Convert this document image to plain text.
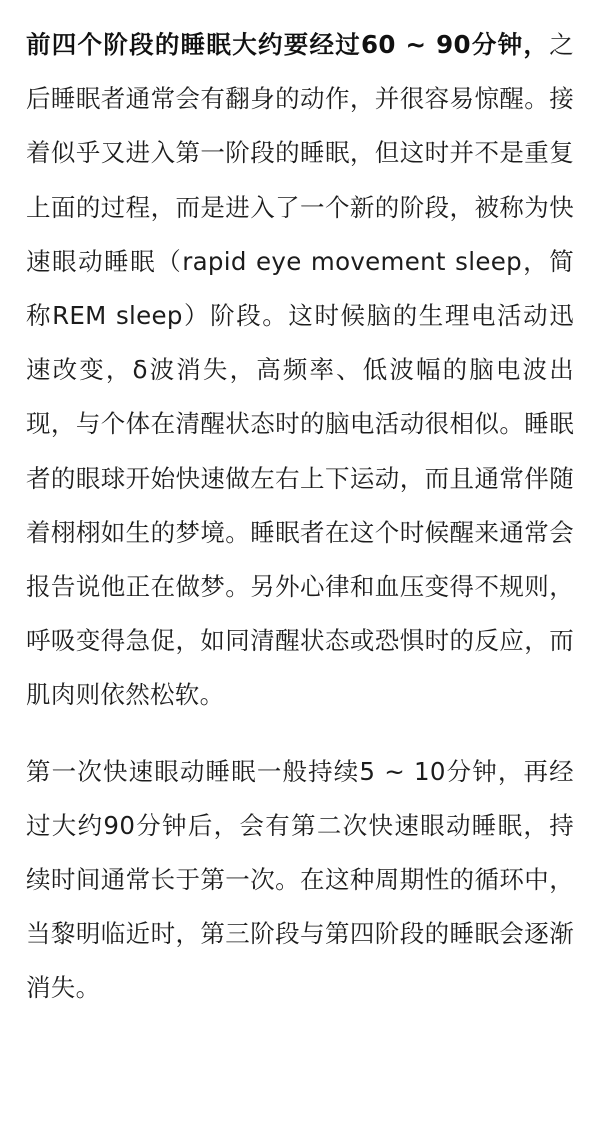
前四个阶段的睡眠大约要经过60 ~ 90分钟，之后睡眠者通常会有翻身的动作，并很容易惊醒。接着似乎又进入第一阶段的睡眠，但这时并不是重复上面的过程，而是进入了一个新的阶段，被称为快速眼动睡眠（rapid eye movement sleep，简称REM sleep）阶段。这时候脑的生理电活动迅速改变，δ波消失，高频率、低波幅的脑电波出现，与个体在清醒状态时的脑电活动很相似。睡眠者的眼球开始快速做左右上下运动，而且通常伴随着栩栩如生的梦境。睡眠者在这个时候醒来通常会报告说他正在做梦。另外心律和血压变得不规则，呼吸变得急促，如同清醒状态或恐惧时的反应，而肌肉则依然松软。

第一次快速眼动睡眠一般持续5 ~ 10分钟，再经过大约90分钟后，会有第二次快速眼动睡眠，持续时间通常长于第一次。在这种周期性的循环中，当黎明临近时，第三阶段与第四阶段的睡眠会逐渐消失。
